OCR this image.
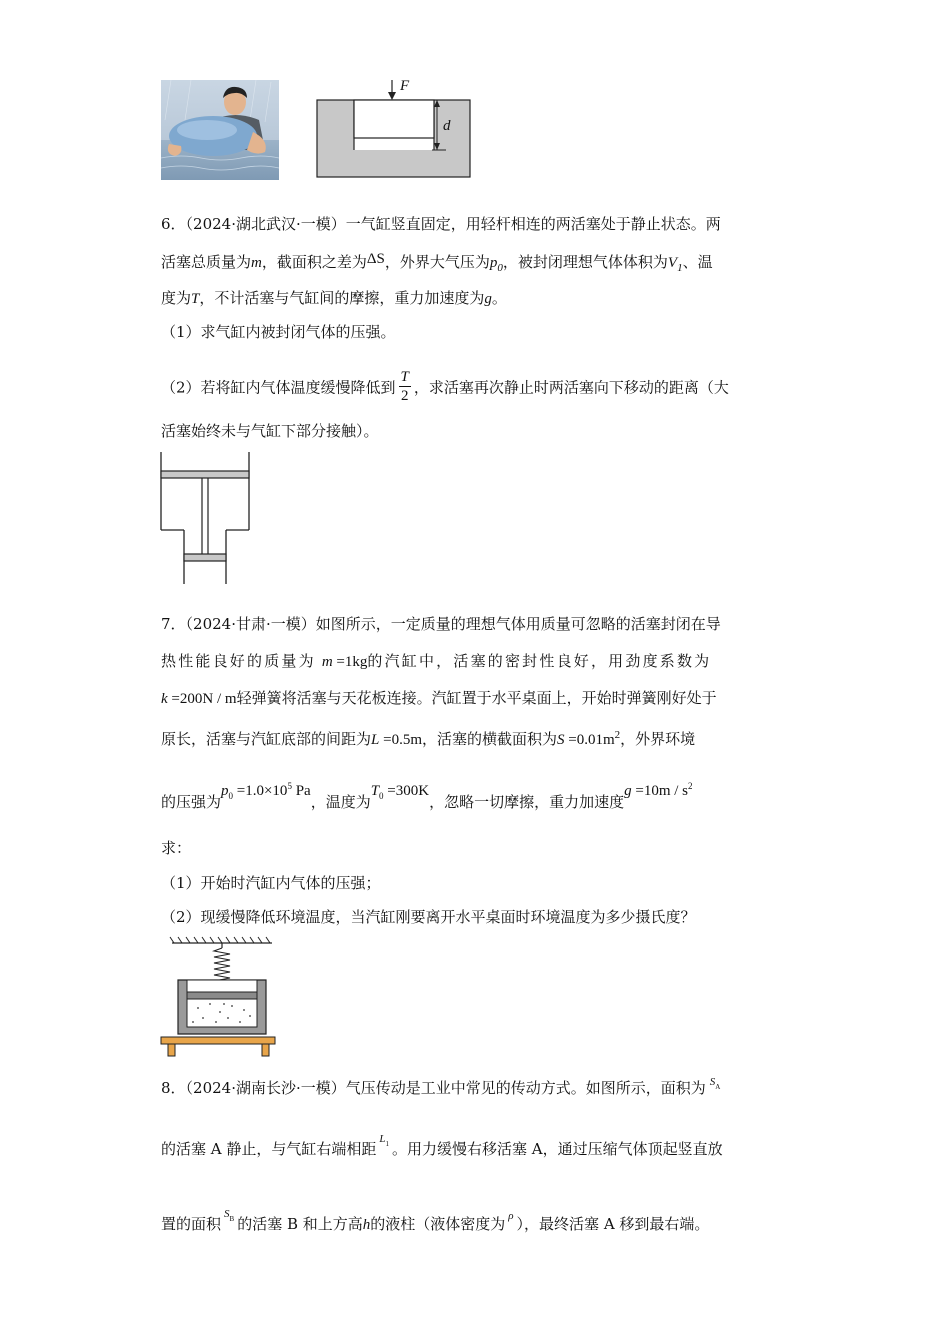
F
d
6．（2024·湖北武汉·一模）一气缸竖直固定，用轻杆相连的两活塞处于静止状态。两
活塞总质量为m，截面积之差为ΔS，外界大气压为$p_0$，被封闭理想气体体积为$V_1$、温
度为T，不计活塞与气缸间的摩擦，重力加速度为g。
（1）求气缸内被封闭气体的压强。
（2）若将缸内气体温度缓慢降低到 $\frac{T}{2}$ ，求活塞再次静止时两活塞向下移动的距离（大
活塞始终未与气缸下部分接触）。
7．（2024·甘肃·一模）如图所示，一定质量的理想气体用质量可忽略的活塞封闭在导
热性能良好的质量为 m =1kg的汽缸中，活塞的密封性良好，用劲度系数为
k =200N / m轻弹簧将活塞与天花板连接。汽缸置于水平桌面上，开始时弹簧刚好处于
原长，活塞与汽缸底部的间距为L =0.5m，活塞的横截面积为$S =0.01m^2$，外界环境
的压强为$p_0 =1.0\times 10^5$ Pa，温度为$T_0 =300K$，忽略一切摩擦，重力加速度$g =10m / s^2$
求：
（1）开始时汽缸内气体的压强；
（2）现缓慢降低环境温度，当汽缸刚要离开水平桌面时环境温度为多少摄氏度？
8．（2024·湖南长沙·一模）气压传动是工业中常见的传动方式。如图所示，面积为 $S_A$
的活塞 A 静止，与气缸右端相距$L_1$ 。用力缓慢右移活塞 A，通过压缩气体顶起竖直放
置的面积$S_B$ 的活塞 B 和上方高h的液柱（液体密度为 $^\rho$ ），最终活塞 A 移到最右端。
